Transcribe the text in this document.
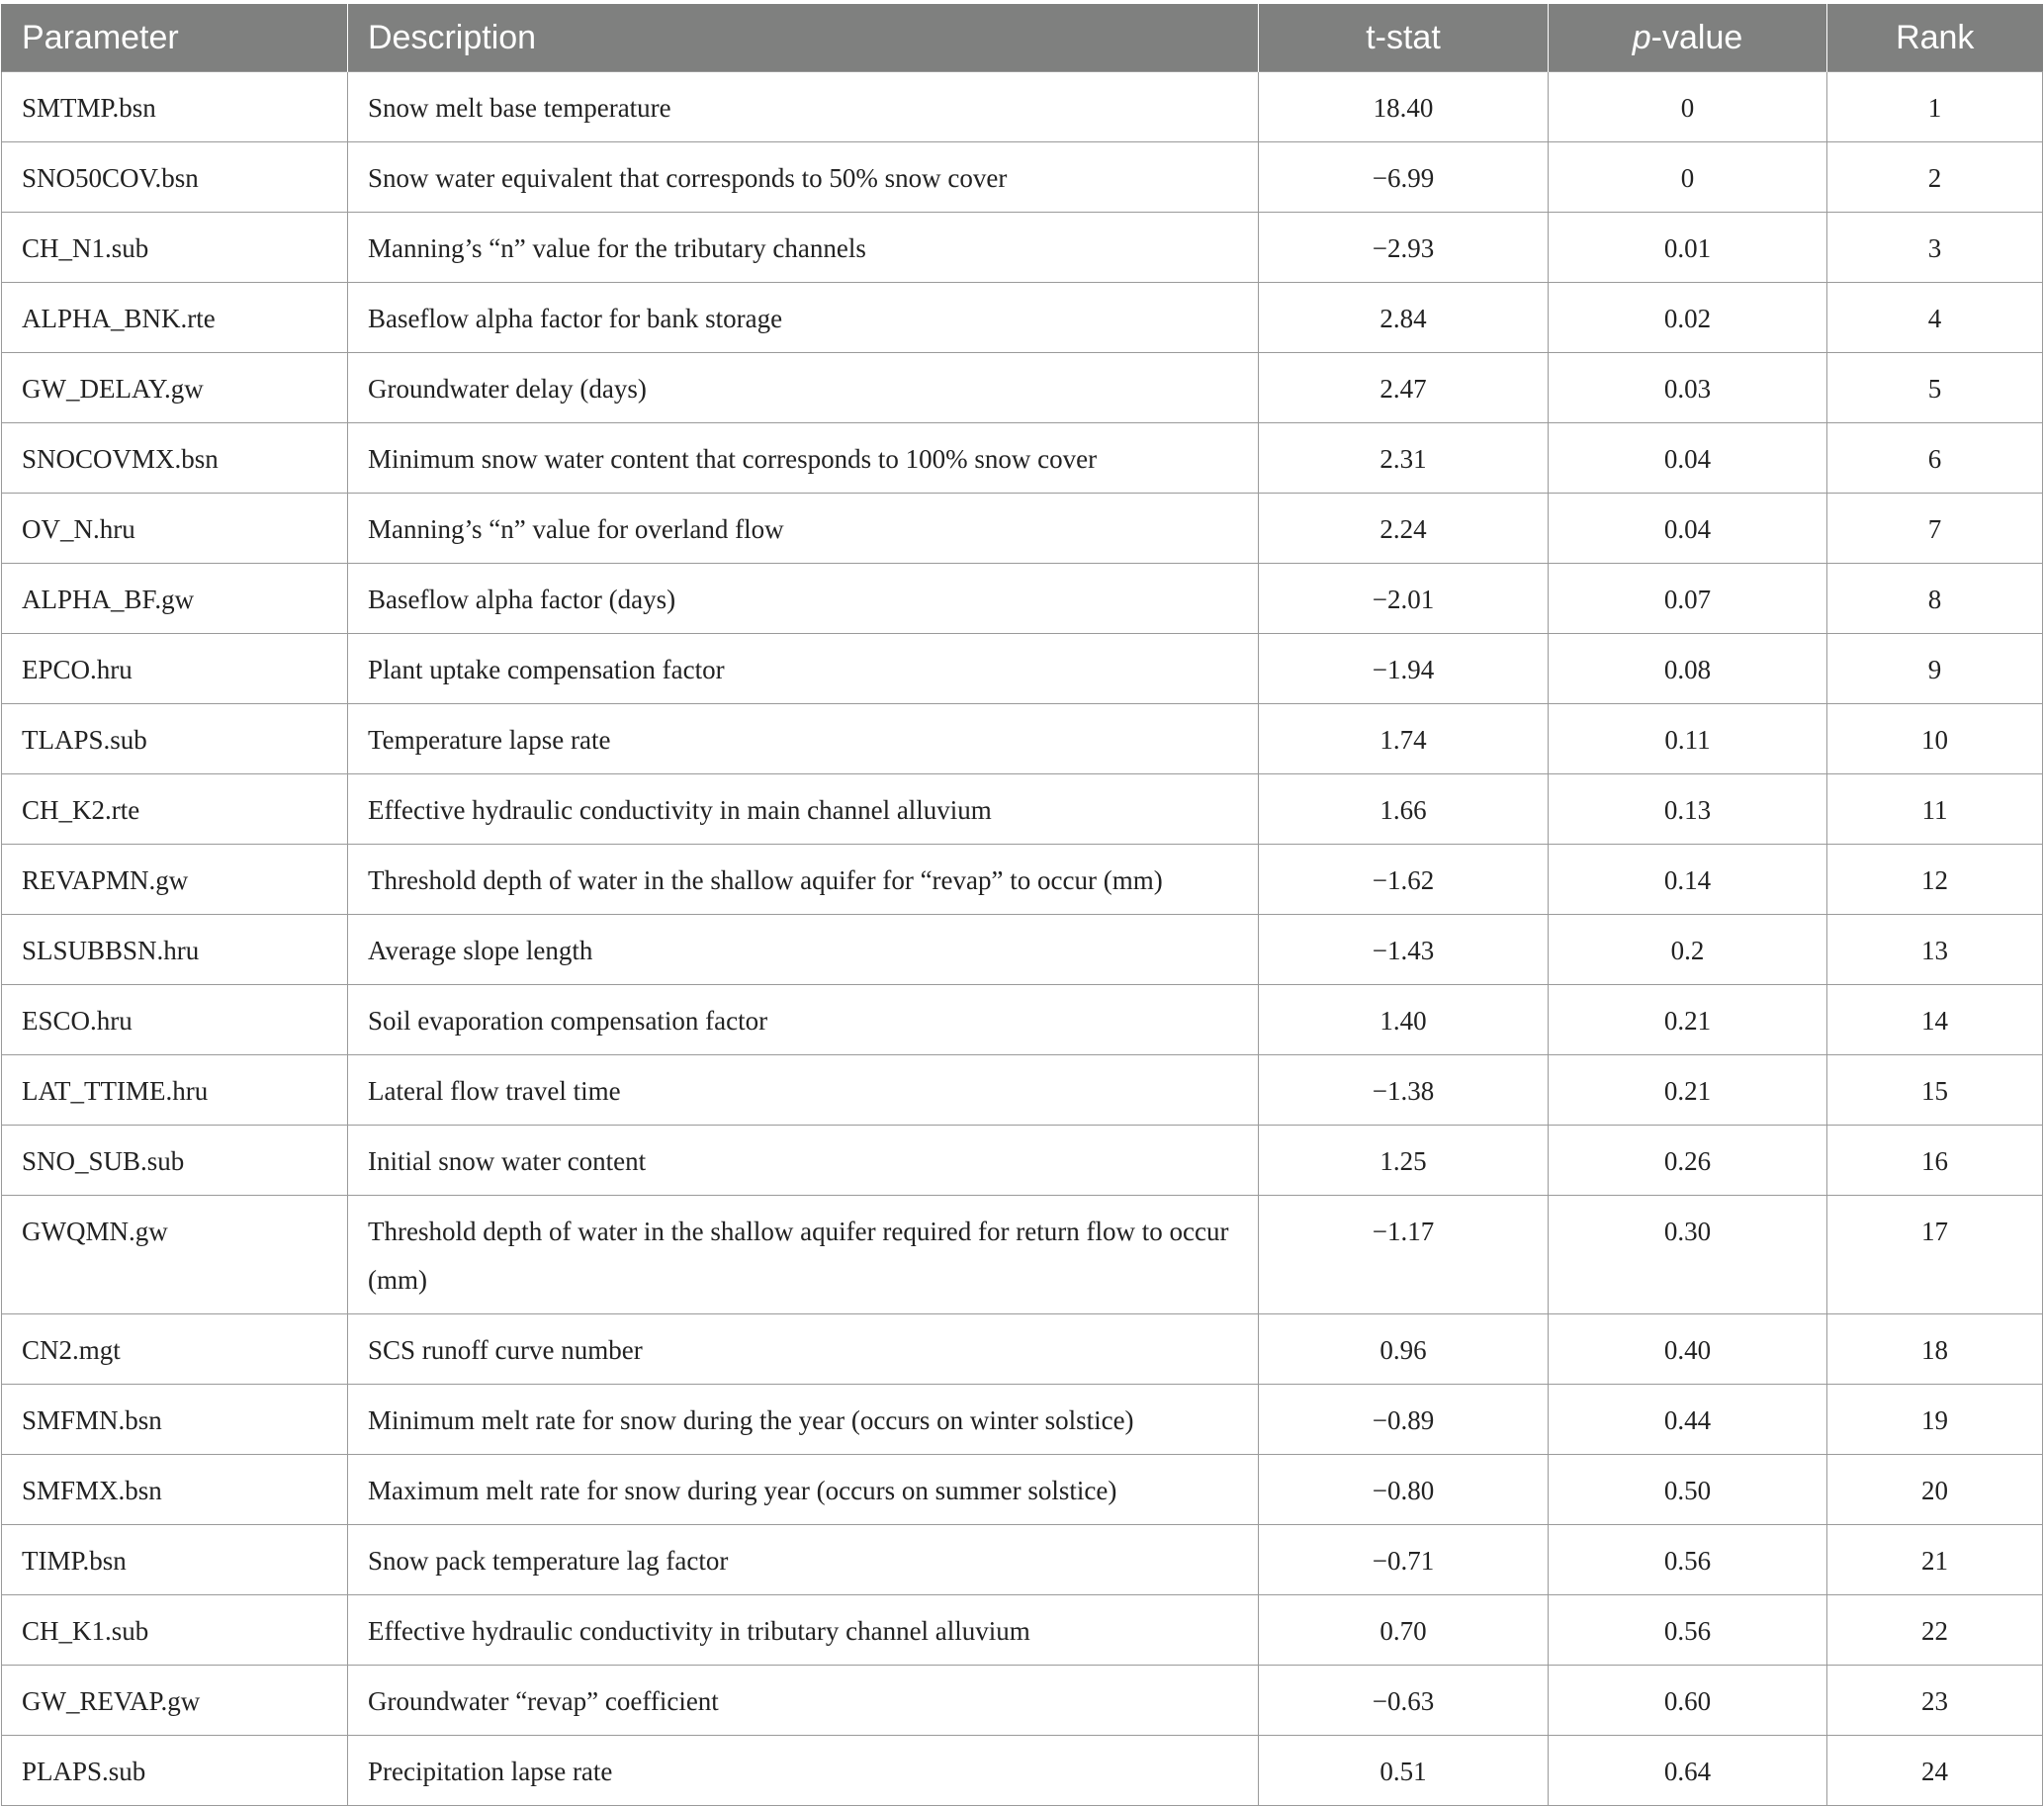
Parameter	Description	t-stat	p-value	Rank
SMTMP.bsn	Snow melt base temperature	18.40	0	1
SNO50COV.bsn	Snow water equivalent that corresponds to 50% snow cover	−6.99	0	2
CH_N1.sub	Manning’s “n” value for the tributary channels	−2.93	0.01	3
ALPHA_BNK.rte	Baseflow alpha factor for bank storage	2.84	0.02	4
GW_DELAY.gw	Groundwater delay (days)	2.47	0.03	5
SNOCOVMX.bsn	Minimum snow water content that corresponds to 100% snow cover	2.31	0.04	6
OV_N.hru	Manning’s “n” value for overland flow	2.24	0.04	7
ALPHA_BF.gw	Baseflow alpha factor (days)	−2.01	0.07	8
EPCO.hru	Plant uptake compensation factor	−1.94	0.08	9
TLAPS.sub	Temperature lapse rate	1.74	0.11	10
CH_K2.rte	Effective hydraulic conductivity in main channel alluvium	1.66	0.13	11
REVAPMN.gw	Threshold depth of water in the shallow aquifer for “revap” to occur (mm)	−1.62	0.14	12
SLSUBBSN.hru	Average slope length	−1.43	0.2	13
ESCO.hru	Soil evaporation compensation factor	1.40	0.21	14
LAT_TTIME.hru	Lateral flow travel time	−1.38	0.21	15
SNO_SUB.sub	Initial snow water content	1.25	0.26	16
GWQMN.gw	Threshold depth of water in the shallow aquifer required for return flow to occur (mm)	−1.17	0.30	17
CN2.mgt	SCS runoff curve number	0.96	0.40	18
SMFMN.bsn	Minimum melt rate for snow during the year (occurs on winter solstice)	−0.89	0.44	19
SMFMX.bsn	Maximum melt rate for snow during year (occurs on summer solstice)	−0.80	0.50	20
TIMP.bsn	Snow pack temperature lag factor	−0.71	0.56	21
CH_K1.sub	Effective hydraulic conductivity in tributary channel alluvium	0.70	0.56	22
GW_REVAP.gw	Groundwater “revap” coefficient	−0.63	0.60	23
PLAPS.sub	Precipitation lapse rate	0.51	0.64	24
